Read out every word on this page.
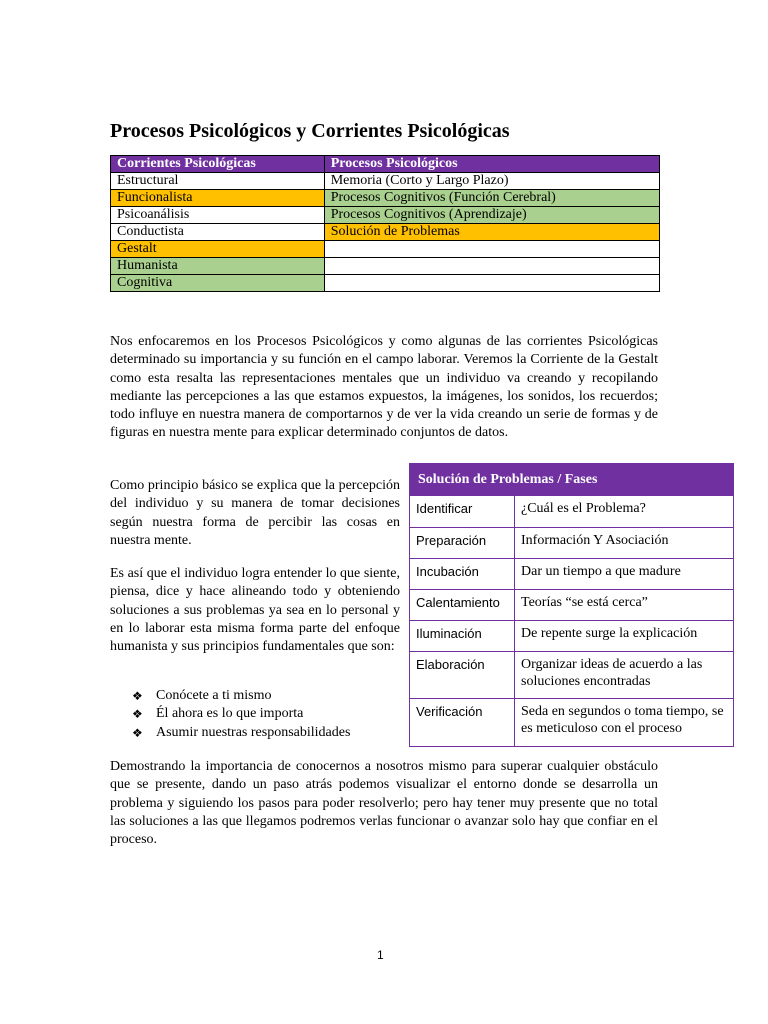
Procesos Psicológicos y Corrientes Psicológicas
Corrientes Psicológicas	Procesos Psicológicos
Estructural	Memoria (Corto y Largo Plazo)
Funcionalista	Procesos Cognitivos (Función Cerebral)
Psicoanálisis	Procesos Cognitivos (Aprendizaje)
Conductista	Solución de Problemas
Gestalt	
Humanista	
Cognitiva	

Nos enfocaremos en los Procesos Psicológicos y como algunas de las corrientes Psicológicas determinado su importancia y su función en el campo laborar. Veremos la Corriente de la Gestalt como esta resalta las representaciones mentales que un individuo va creando y recopilando mediante las percepciones a las que estamos expuestos, la imágenes, los sonidos, los recuerdos; todo influye en nuestra manera de comportarnos y de ver la vida creando un serie de formas y de figuras en nuestra mente para explicar determinado conjuntos de datos.

Como principio básico se explica que la percepción del individuo y su manera de tomar decisiones según nuestra forma de percibir las cosas en nuestra mente.

Es así que el individuo logra entender lo que siente, piensa, dice y hace alineando todo y obteniendo soluciones a sus problemas ya sea en lo personal y en lo laborar esta misma forma parte del enfoque humanista y sus principios fundamentales que son:

❖ Conócete a ti mismo
❖ Él ahora es lo que importa
❖ Asumir nuestras responsabilidades
Solución de Problemas / Fases	
Identificar	¿Cuál es el Problema?
Preparación	Información Y Asociación
Incubación	Dar un tiempo a que madure
Calentamiento	Teorías “se está cerca”
Iluminación	De repente surge la explicación
Elaboración	Organizar ideas de acuerdo a las soluciones encontradas
Verificación	Seda en segundos o toma tiempo, se es meticuloso con el proceso

Demostrando la importancia de conocernos a nosotros mismo para superar cualquier obstáculo que se presente, dando un paso atrás podemos visualizar el entorno donde se desarrolla un problema y siguiendo los pasos para poder resolverlo; pero hay tener muy presente que no total las soluciones a las que llegamos podremos verlas funcionar o avanzar solo hay que confiar en el proceso.

1
